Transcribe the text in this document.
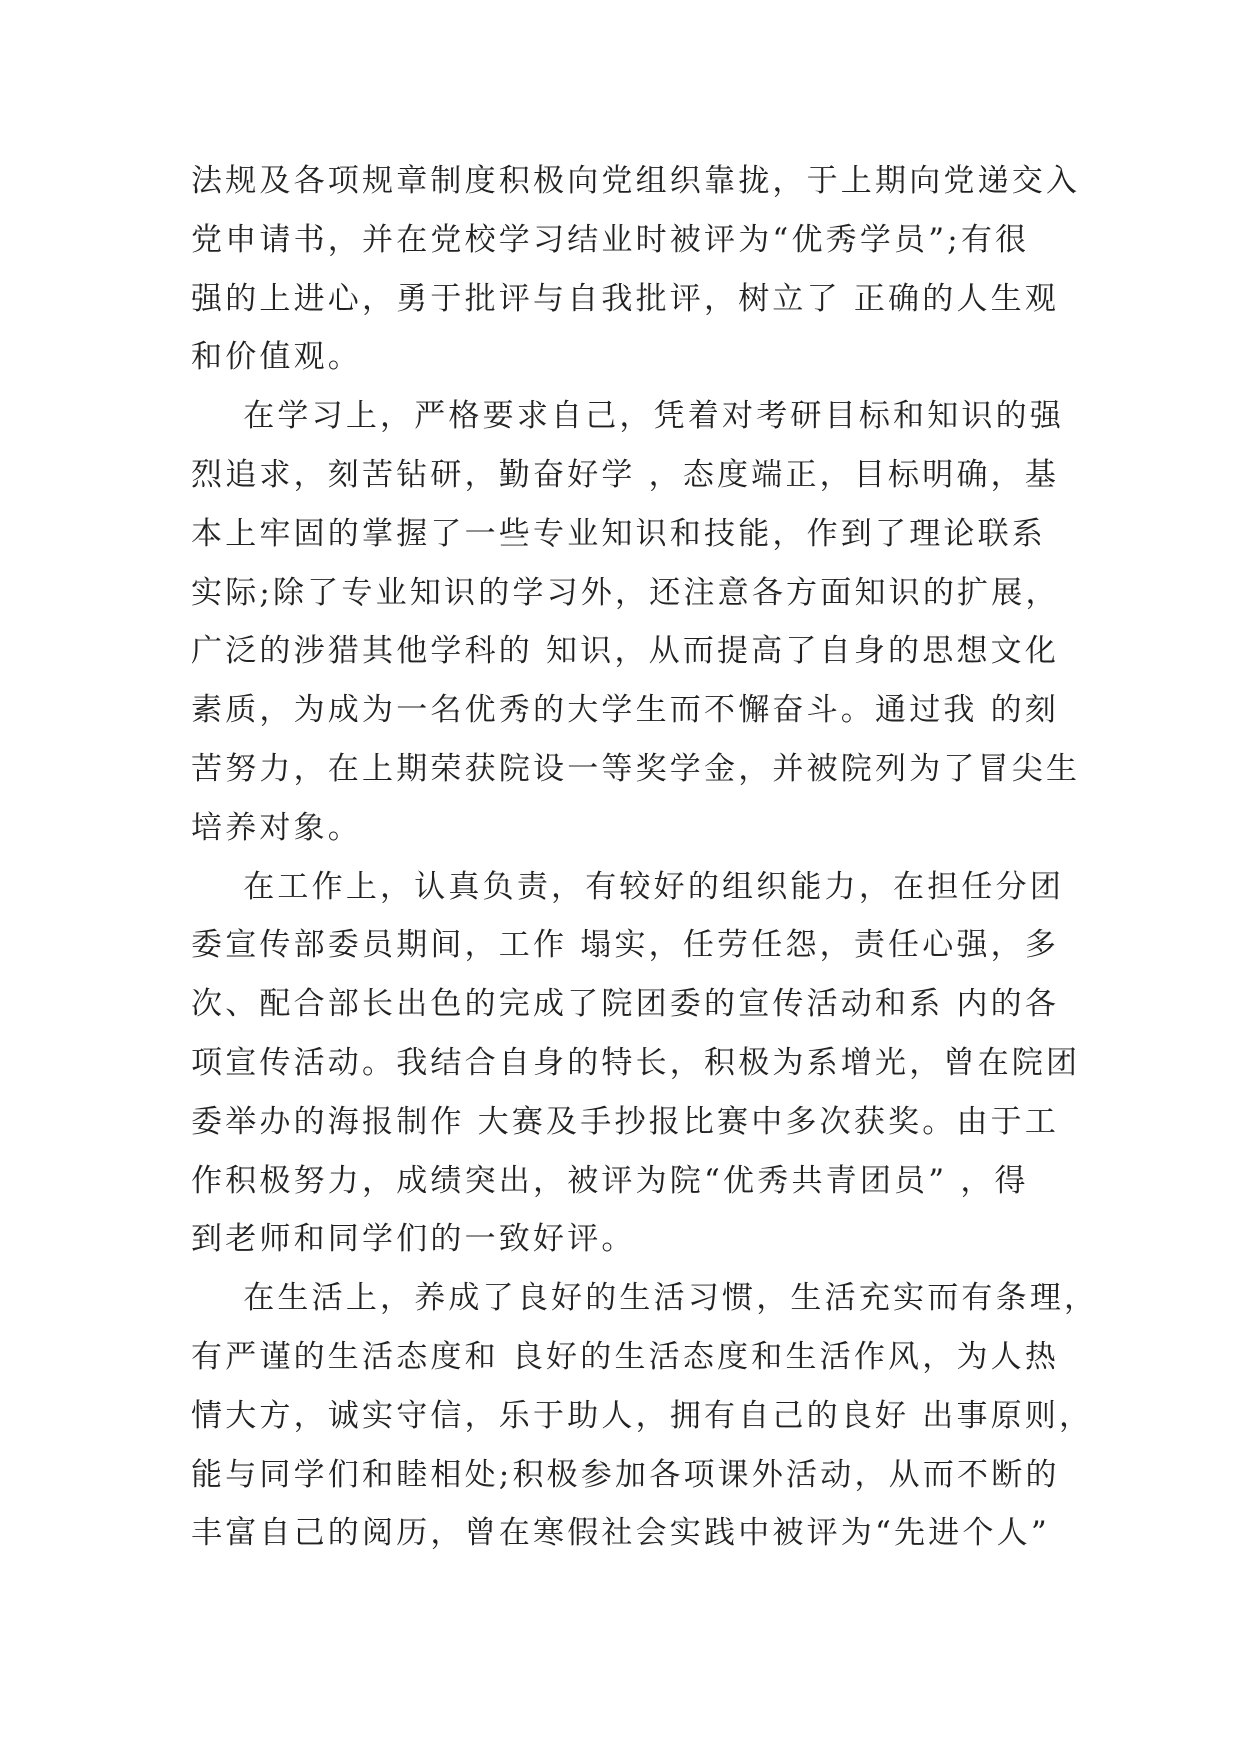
法规及各项规章制度积极向党组织靠拢，于上期向党递交入
党申请书，并在党校学习结业时被评为“优秀学员”;有很
强的上进心，勇于批评与自我批评，树立了 正确的人生观
和价值观。
在学习上，严格要求自己，凭着对考研目标和知识的强
烈追求，刻苦钻研，勤奋好学 ，态度端正，目标明确，基
本上牢固的掌握了一些专业知识和技能，作到了理论联系
实际;除了专业知识的学习外，还注意各方面知识的扩展，
广泛的涉猎其他学科的 知识，从而提高了自身的思想文化
素质，为成为一名优秀的大学生而不懈奋斗。通过我 的刻
苦努力，在上期荣获院设一等奖学金，并被院列为了冒尖生
培养对象。
在工作上，认真负责，有较好的组织能力，在担任分团
委宣传部委员期间，工作 塌实，任劳任怨，责任心强，多
次、配合部长出色的完成了院团委的宣传活动和系 内的各
项宣传活动。我结合自身的特长，积极为系增光，曾在院团
委举办的海报制作 大赛及手抄报比赛中多次获奖。由于工
作积极努力，成绩突出，被评为院“优秀共青团员” ，得
到老师和同学们的一致好评。
在生活上，养成了良好的生活习惯，生活充实而有条理，
有严谨的生活态度和 良好的生活态度和生活作风，为人热
情大方，诚实守信，乐于助人，拥有自己的良好 出事原则，
能与同学们和睦相处;积极参加各项课外活动，从而不断的
丰富自己的阅历，曾在寒假社会实践中被评为“先进个人”
